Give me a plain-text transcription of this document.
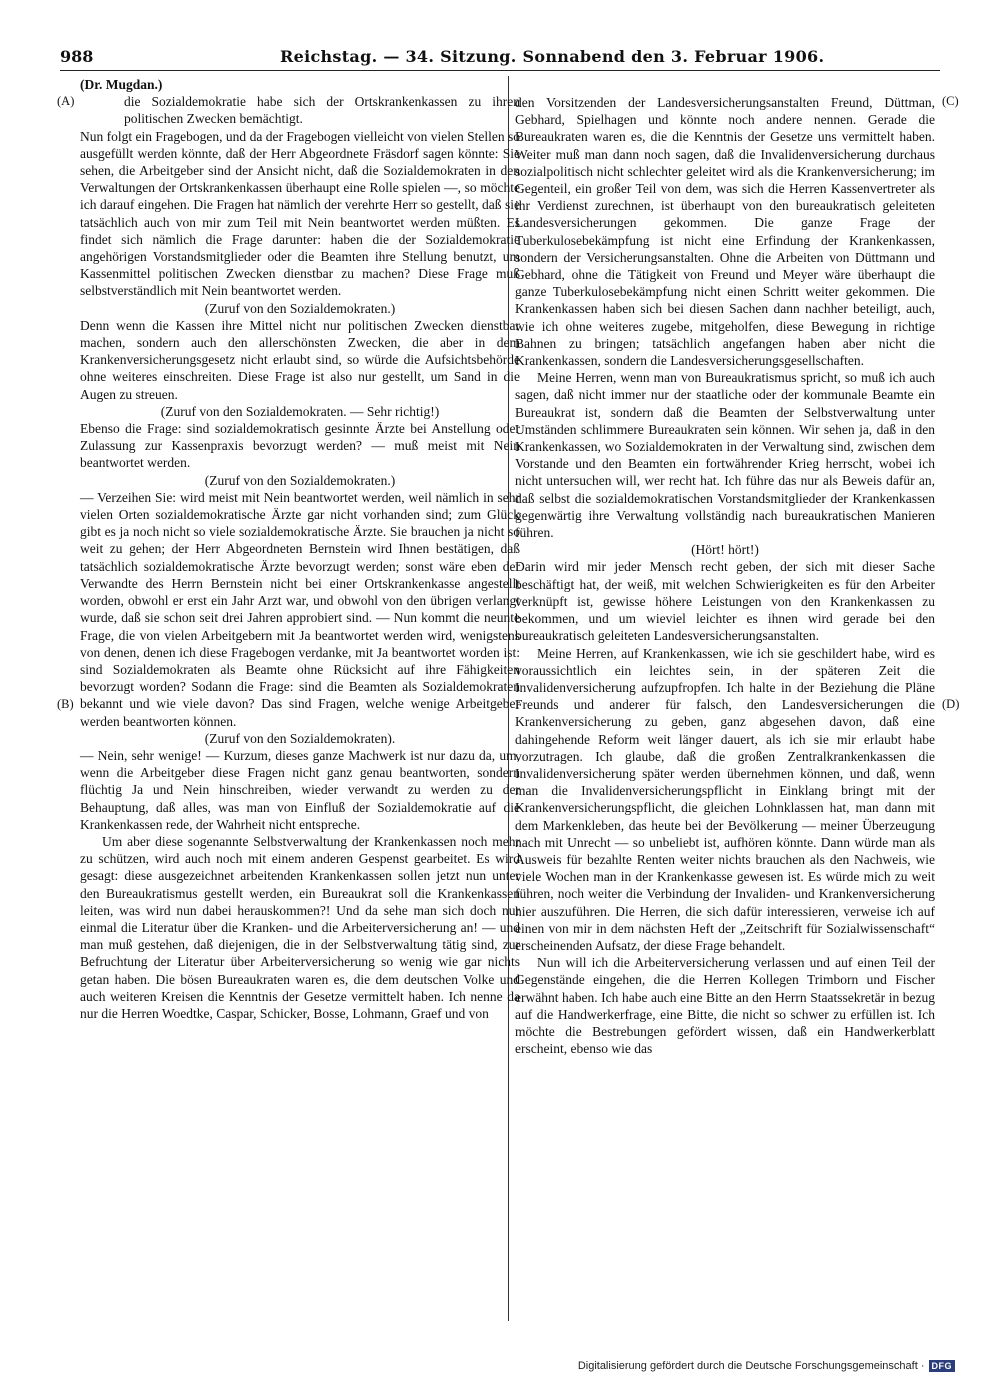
988	Reichstag. — 34. Sitzung. Sonnabend den 3. Februar 1906.
(A)
(B)
(C)
(D)

(Dr. Mugdan.)

die Sozialdemokratie habe sich der Ortskrankenkassen zu ihren politischen Zwecken bemächtigt.

Nun folgt ein Fragebogen, und da der Fragebogen vielleicht von vielen Stellen so ausgefüllt werden könnte, daß der Herr Abgeordnete Fräsdorf sagen könnte: Sie sehen, die Arbeitgeber sind der Ansicht nicht, daß die Sozialdemokraten in den Verwaltungen der Ortskrankenkassen überhaupt eine Rolle spielen —, so möchte ich darauf eingehen. Die Fragen hat nämlich der verehrte Herr so gestellt, daß sie tatsächlich auch von mir zum Teil mit Nein beantwortet werden müßten. Es findet sich nämlich die Frage darunter: haben die der Sozialdemokratie angehörigen Vorstandsmitglieder oder die Beamten ihre Stellung benutzt, um Kassenmittel politischen Zwecken dienstbar zu machen? Diese Frage muß selbstverständlich mit Nein beantwortet werden.

(Zuruf von den Sozialdemokraten.)

Denn wenn die Kassen ihre Mittel nicht nur politischen Zwecken dienstbar machen, sondern auch den allerschönsten Zwecken, die aber in dem Krankenversicherungsgesetz nicht erlaubt sind, so würde die Aufsichtsbehörde ohne weiteres einschreiten. Diese Frage ist also nur gestellt, um Sand in die Augen zu streuen.

(Zuruf von den Sozialdemokraten. — Sehr richtig!)

Ebenso die Frage: sind sozialdemokratisch gesinnte Ärzte bei Anstellung oder Zulassung zur Kassenpraxis bevorzugt werden? — muß meist mit Nein beantwortet werden.

(Zuruf von den Sozialdemokraten.)

— Verzeihen Sie: wird meist mit Nein beantwortet werden, weil nämlich in sehr vielen Orten sozialdemokratische Ärzte gar nicht vorhanden sind; zum Glück gibt es ja noch nicht so viele sozialdemokratische Ärzte. Sie brauchen ja nicht so weit zu gehen; der Herr Abgeordneten Bernstein wird Ihnen bestätigen, daß tatsächlich sozialdemokratische Ärzte bevorzugt werden; sonst wäre eben der Verwandte des Herrn Bernstein nicht bei einer Ortskrankenkasse angestellt worden, obwohl er erst ein Jahr Arzt war, und obwohl von den übrigen verlangt wurde, daß sie schon seit drei Jahren approbiert sind. — Nun kommt die neunte Frage, die von vielen Arbeitgebern mit Ja beantwortet werden wird, wenigstens von denen, denen ich diese Fragebogen verdanke, mit Ja beantwortet worden ist: sind Sozialdemokraten als Beamte ohne Rücksicht auf ihre Fähigkeiten bevorzugt worden? Sodann die Frage: sind die Beamten als Sozialdemokraten bekannt und wie viele davon? Das sind Fragen, welche wenige Arbeitgeber werden beantworten können.

(Zuruf von den Sozialdemokraten).

— Nein, sehr wenige! — Kurzum, dieses ganze Machwerk ist nur dazu da, um, wenn die Arbeitgeber diese Fragen nicht ganz genau beantworten, sondern flüchtig Ja und Nein hinschreiben, wieder verwandt zu werden zu der Behauptung, daß alles, was man von Einfluß der Sozialdemokratie auf die Krankenkassen rede, der Wahrheit nicht entspreche.

Um aber diese sogenannte Selbstverwaltung der Krankenkassen noch mehr zu schützen, wird auch noch mit einem anderen Gespenst gearbeitet. Es wird gesagt: diese ausgezeichnet arbeitenden Krankenkassen sollen jetzt nun unter den Bureaukratismus gestellt werden, ein Bureaukrat soll die Krankenkassen leiten, was wird nun dabei herauskommen?! Und da sehe man sich doch nur einmal die Literatur über die Kranken- und die Arbeiterversicherung an! — und man muß gestehen, daß diejenigen, die in der Selbstverwaltung tätig sind, zur Befruchtung der Literatur über Arbeiterversicherung so wenig wie gar nichts getan haben. Die bösen Bureaukraten waren es, die dem deutschen Volke und auch weiteren Kreisen die Kenntnis der Gesetze vermittelt haben. Ich nenne da nur die Herren Woedtke, Caspar, Schicker, Bosse, Lohmann, Graef und von

den Vorsitzenden der Landesversicherungsanstalten Freund, Düttman, Gebhard, Spielhagen und könnte noch andere nennen. Gerade die Bureaukraten waren es, die die Kenntnis der Gesetze uns vermittelt haben. Weiter muß man dann noch sagen, daß die Invalidenversicherung durchaus sozialpolitisch nicht schlechter geleitet wird als die Krankenversicherung; im Gegenteil, ein großer Teil von dem, was sich die Herren Kassenvertreter als ihr Verdienst zurechnen, ist überhaupt von den bureaukratisch geleiteten Landesversicherungen gekommen. Die ganze Frage der Tuberkulosebekämpfung ist nicht eine Erfindung der Krankenkassen, sondern der Versicherungsanstalten. Ohne die Arbeiten von Düttmann und Gebhard, ohne die Tätigkeit von Freund und Meyer wäre überhaupt die ganze Tuberkulosebekämpfung nicht einen Schritt weiter gekommen. Die Krankenkassen haben sich bei diesen Sachen dann nachher beteiligt, auch, wie ich ohne weiteres zugebe, mitgeholfen, diese Bewegung in richtige Bahnen zu bringen; tatsächlich angefangen haben aber nicht die Krankenkassen, sondern die Landesversicherungsgesellschaften.

Meine Herren, wenn man von Bureaukratismus spricht, so muß ich auch sagen, daß nicht immer nur der staatliche oder der kommunale Beamte ein Bureaukrat ist, sondern daß die Beamten der Selbstverwaltung unter Umständen schlimmere Bureaukraten sein können. Wir sehen ja, daß in den Krankenkassen, wo Sozialdemokraten in der Verwaltung sind, zwischen dem Vorstande und den Beamten ein fortwährender Krieg herrscht, wobei ich nicht untersuchen will, wer recht hat. Ich führe das nur als Beweis dafür an, daß selbst die sozialdemokratischen Vorstandsmitglieder der Krankenkassen gegenwärtig ihre Verwaltung vollständig nach bureaukratischen Manieren führen.

(Hört! hört!)

Darin wird mir jeder Mensch recht geben, der sich mit dieser Sache beschäftigt hat, der weiß, mit welchen Schwierigkeiten es für den Arbeiter verknüpft ist, gewisse höhere Leistungen von den Krankenkassen zu bekommen, und um wieviel leichter es ihnen wird gerade bei den bureaukratisch geleiteten Landesversicherungsanstalten.

Meine Herren, auf Krankenkassen, wie ich sie geschildert habe, wird es voraussichtlich ein leichtes sein, in der späteren Zeit die Invalidenversicherung aufzupfropfen. Ich halte in der Beziehung die Pläne Freunds und anderer für falsch, den Landesversicherungen die Krankenversicherung zu geben, ganz abgesehen davon, daß eine dahingehende Reform weit länger dauert, als ich sie mir erlaubt habe vorzutragen. Ich glaube, daß die großen Zentralkrankenkassen die Invalidenversicherung später werden übernehmen können, und daß, wenn man die Invalidenversicherungspflicht in Einklang bringt mit der Krankenversicherungspflicht, die gleichen Lohnklassen hat, man dann mit dem Markenkleben, das heute bei der Bevölkerung — meiner Überzeugung nach mit Unrecht — so unbeliebt ist, aufhören könnte. Dann würde man als Ausweis für bezahlte Renten weiter nichts brauchen als den Nachweis, wie viele Wochen man in der Krankenkasse gewesen ist. Es würde mich zu weit führen, noch weiter die Verbindung der Invaliden- und Krankenversicherung hier auszuführen. Die Herren, die sich dafür interessieren, verweise ich auf einen von mir in dem nächsten Heft der „Zeitschrift für Sozialwissenschaft“ erscheinenden Aufsatz, der diese Frage behandelt.

Nun will ich die Arbeiterversicherung verlassen und auf einen Teil der Gegenstände eingehen, die die Herren Kollegen Trimborn und Fischer erwähnt haben. Ich habe auch eine Bitte an den Herrn Staatssekretär in bezug auf die Handwerkerfrage, eine Bitte, die nicht so schwer zu erfüllen ist. Ich möchte die Bestrebungen gefördert wissen, daß ein Handwerkerblatt erscheint, ebenso wie das

Digitalisierung gefördert durch die Deutsche Forschungsgemeinschaft · DFG
